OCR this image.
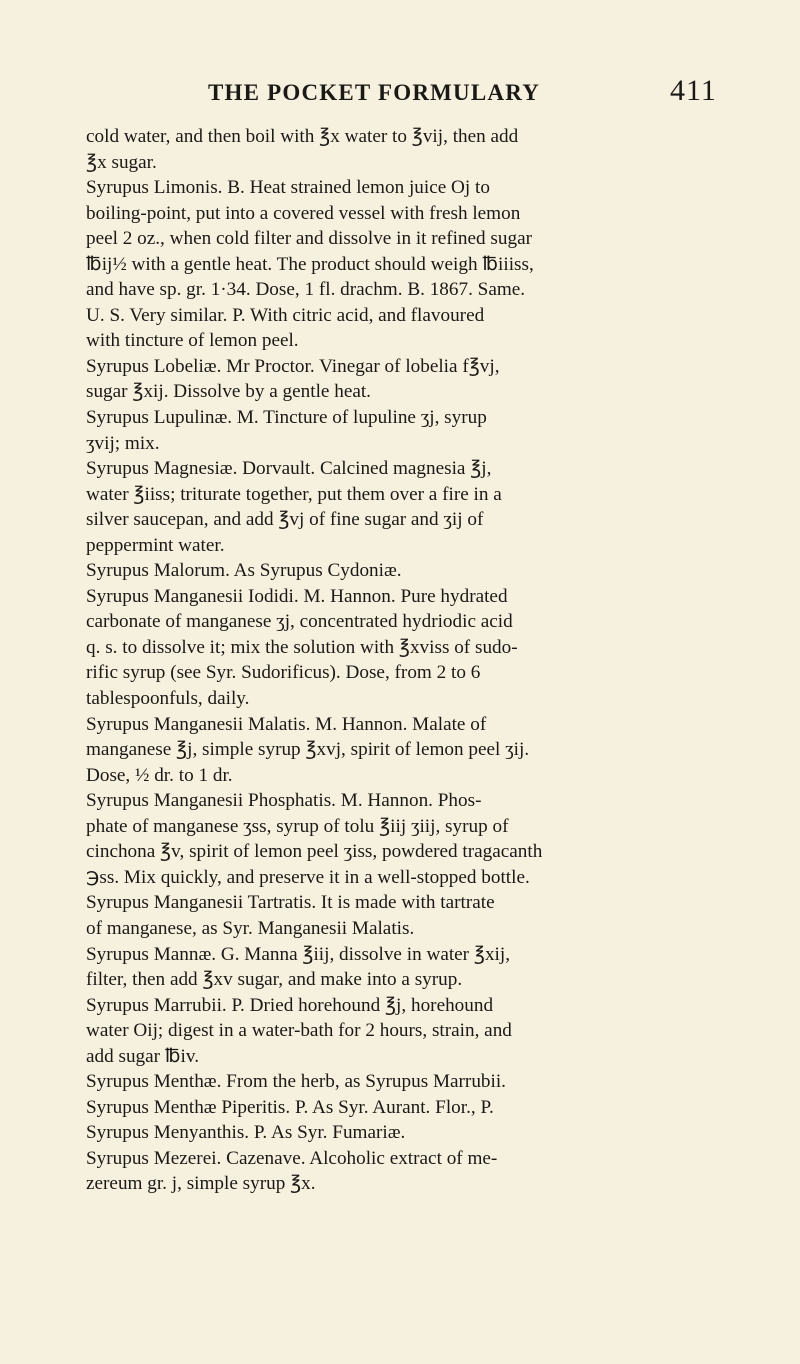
THE POCKET FORMULARY	411
cold water, and then boil with ℥x water to ℥vij, then add
℥x sugar.
Syrupus Limonis. B. Heat strained lemon juice Oj to
boiling-point, put into a covered vessel with fresh lemon
peel 2 oz., when cold filter and dissolve in it refined sugar
℔ij½ with a gentle heat. The product should weigh ℔iiiss,
and have sp. gr. 1·34. Dose, 1 fl. drachm. B. 1867. Same.
U. S. Very similar. P. With citric acid, and flavoured
with tincture of lemon peel.
Syrupus Lobeliæ. Mr Proctor. Vinegar of lobelia f℥vj,
sugar ℥xij. Dissolve by a gentle heat.
Syrupus Lupulinæ. M. Tincture of lupuline ʒj, syrup
ʒvij; mix.
Syrupus Magnesiæ. Dorvault. Calcined magnesia ℥j,
water ℥iiss; triturate together, put them over a fire in a
silver saucepan, and add ℥vj of fine sugar and ʒij of
peppermint water.
Syrupus Malorum. As Syrupus Cydoniæ.
Syrupus Manganesii Iodidi. M. Hannon. Pure hydrated
carbonate of manganese ʒj, concentrated hydriodic acid
q. s. to dissolve it; mix the solution with ℥xviss of sudo-
rific syrup (see Syr. Sudorificus). Dose, from 2 to 6
tablespoonfuls, daily.
Syrupus Manganesii Malatis. M. Hannon. Malate of
manganese ℥j, simple syrup ℥xvj, spirit of lemon peel ʒij.
Dose, ½ dr. to 1 dr.
Syrupus Manganesii Phosphatis. M. Hannon. Phos-
phate of manganese ʒss, syrup of tolu ℥iij ʒiij, syrup of
cinchona ℥v, spirit of lemon peel ʒiss, powdered tragacanth
℈ss. Mix quickly, and preserve it in a well-stopped bottle.
Syrupus Manganesii Tartratis. It is made with tartrate
of manganese, as Syr. Manganesii Malatis.
Syrupus Mannæ. G. Manna ℥iij, dissolve in water ℥xij,
filter, then add ℥xv sugar, and make into a syrup.
Syrupus Marrubii. P. Dried horehound ℥j, horehound
water Oij; digest in a water-bath for 2 hours, strain, and
add sugar ℔iv.
Syrupus Menthæ. From the herb, as Syrupus Marrubii.
Syrupus Menthæ Piperitis. P. As Syr. Aurant. Flor., P.
Syrupus Menyanthis. P. As Syr. Fumariæ.
Syrupus Mezerei. Cazenave. Alcoholic extract of me-
zereum gr. j, simple syrup ℥x.
